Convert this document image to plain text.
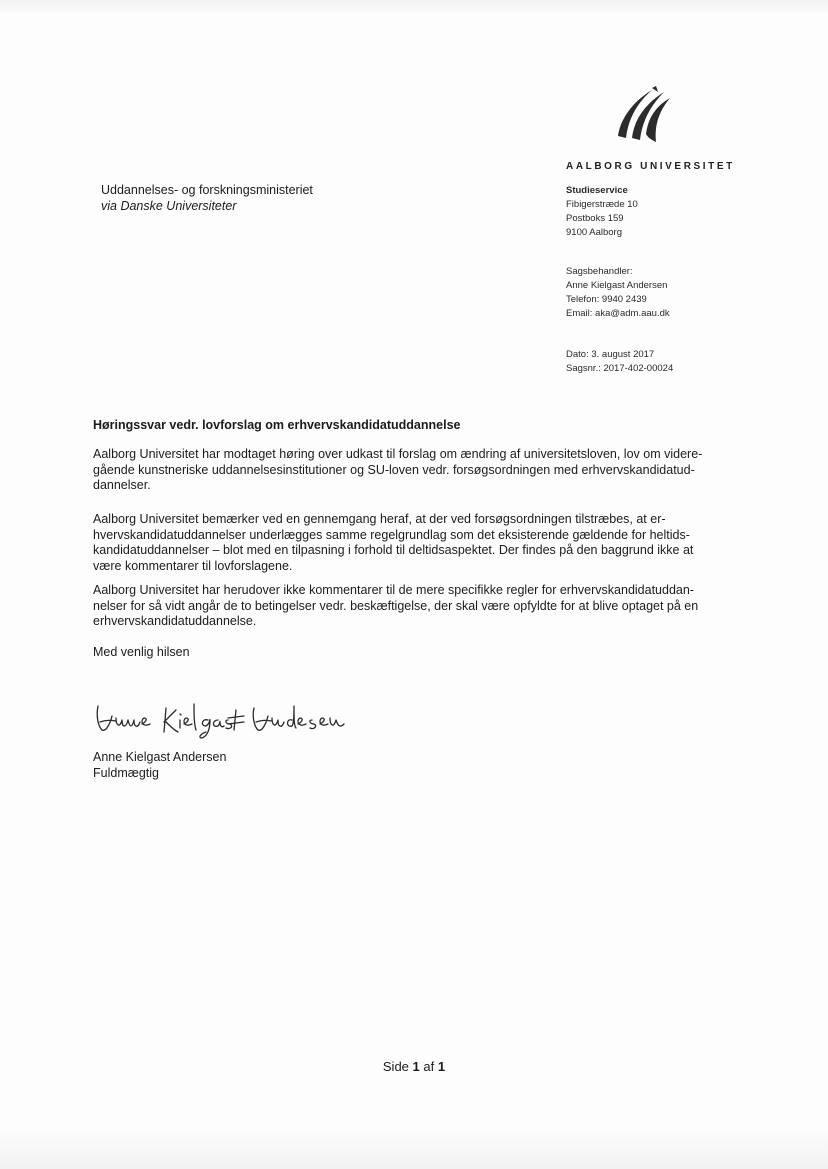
AALBORG UNIVERSITET
Uddannelses- og forskningsministeriet
via Danske Universiteter
Studieservice
Fibigerstræde 10
Postboks 159
9100 Aalborg
Sagsbehandler:
Anne Kielgast Andersen
Telefon: 9940 2439
Email: aka@adm.aau.dk
Dato: 3. august 2017
Sagsnr.: 2017-402-00024
Høringssvar vedr. lovforslag om erhvervskandidatuddannelse
Aalborg Universitet har modtaget høring over udkast til forslag om ændring af universitetsloven, lov om videre-
gående kunstneriske uddannelsesinstitutioner og SU-loven vedr. forsøgsordningen med erhvervskandidatud-
dannelser.
Aalborg Universitet bemærker ved en gennemgang heraf, at der ved forsøgsordningen tilstræbes, at er-
hvervskandidatuddannelser underlægges samme regelgrundlag som det eksisterende gældende for heltids-
kandidatuddannelser – blot med en tilpasning i forhold til deltidsaspektet. Der findes på den baggrund ikke at
være kommentarer til lovforslagene.
Aalborg Universitet har herudover ikke kommentarer til de mere specifikke regler for erhvervskandidatuddan-
nelser for så vidt angår de to betingelser vedr. beskæftigelse, der skal være opfyldte for at blive optaget på en
erhvervskandidatuddannelse.
Med venlig hilsen
Anne Kielgast Andersen
Fuldmægtig
Side 1 af 1
